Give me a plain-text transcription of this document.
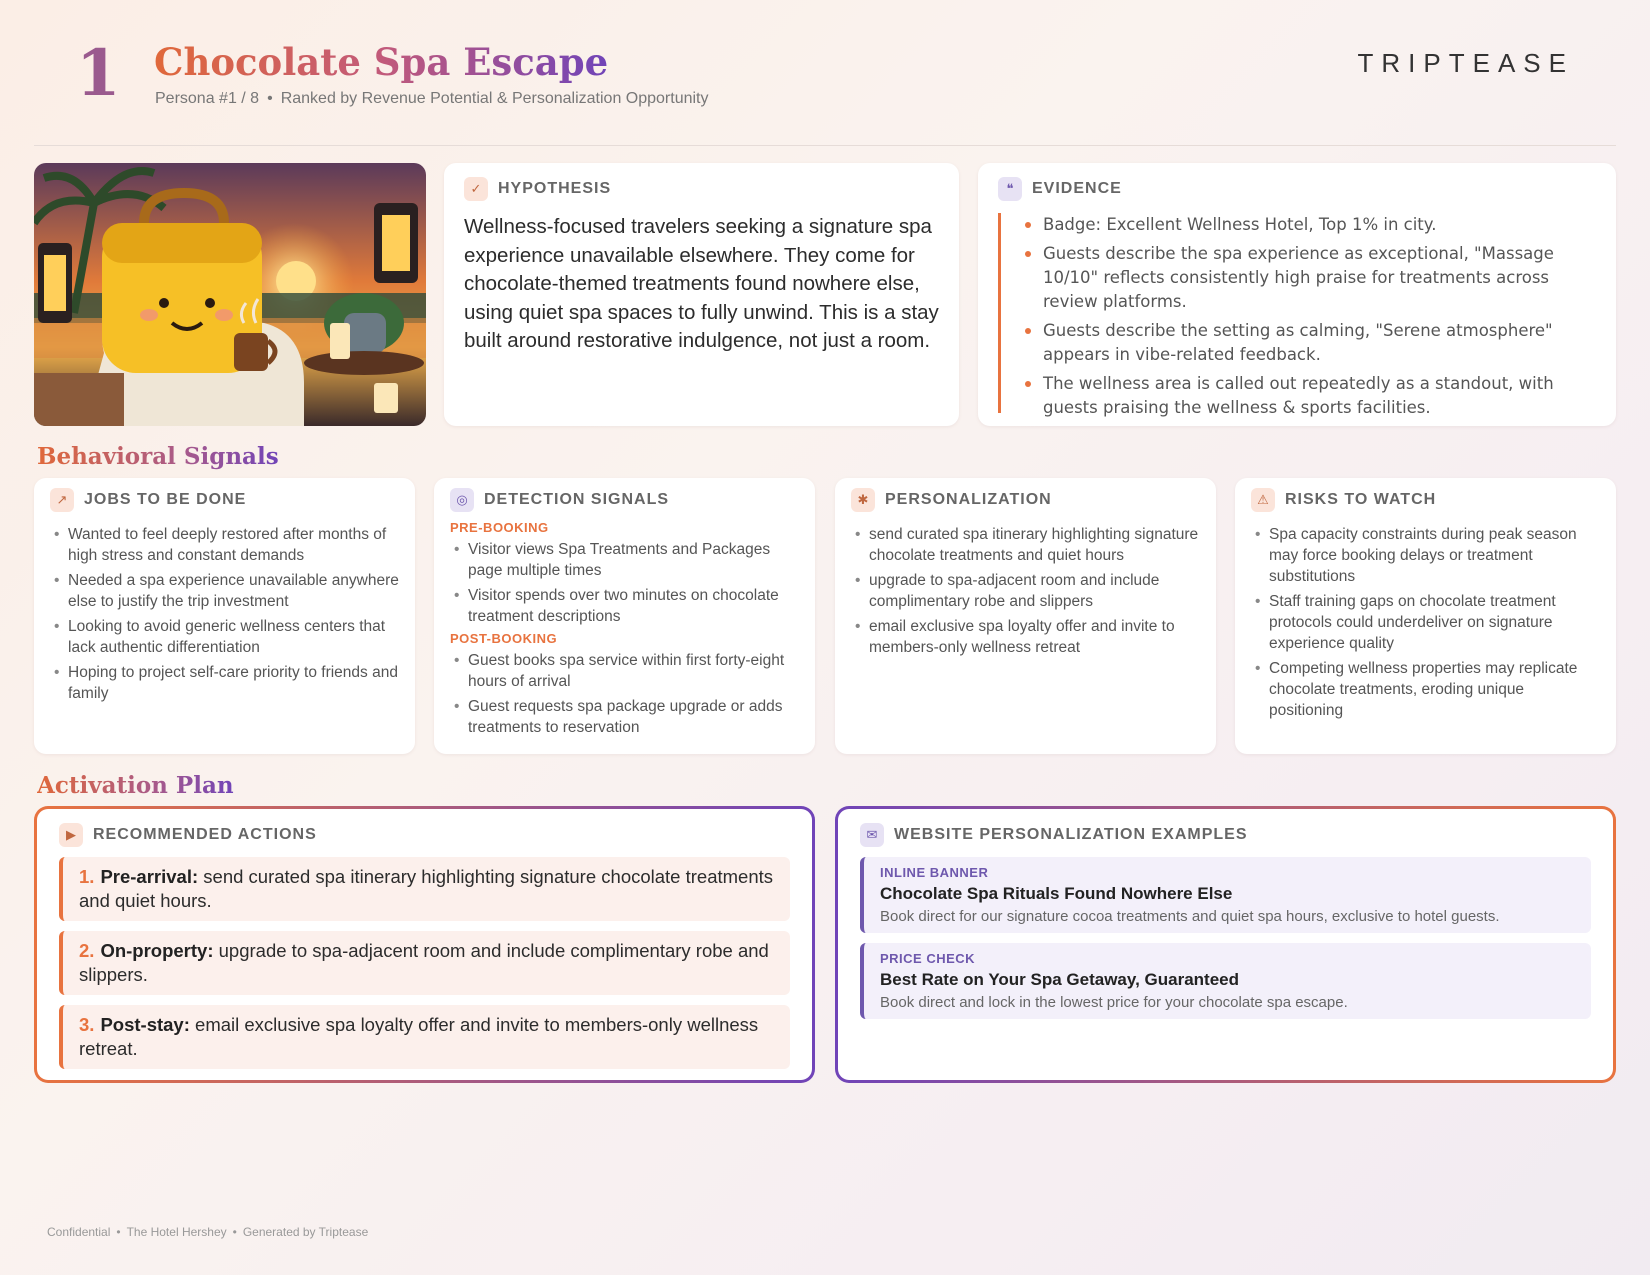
1 Chocolate Spa Escape
Persona #1 / 8 • Ranked by Revenue Potential & Personalization Opportunity
TRIPTEASE
✓	HYPOTHESIS
Wellness-focused travelers seeking a signature spa experience unavailable elsewhere. They come for chocolate-themed treatments found nowhere else, using quiet spa spaces to fully unwind. This is a stay built around restorative indulgence, not just a room.
❝	EVIDENCE
Badge: Excellent Wellness Hotel, Top 1% in city.
Guests describe the spa experience as exceptional, "Massage 10/10" reflects consistently high praise for treatments across review platforms.
Guests describe the setting as calming, "Serene atmosphere" appears in vibe-related feedback.
The wellness area is called out repeatedly as a standout, with guests praising the wellness & sports facilities.
Behavioral Signals
↗	JOBS TO BE DONE
• Wanted to feel deeply restored after months of high stress and constant demands
• Needed a spa experience unavailable anywhere else to justify the trip investment
• Looking to avoid generic wellness centers that lack authentic differentiation
• Hoping to project self-care priority to friends and family
◎	DETECTION SIGNALS
PRE-BOOKING
• Visitor views Spa Treatments and Packages page multiple times
• Visitor spends over two minutes on chocolate treatment descriptions
POST-BOOKING
• Guest books spa service within first forty-eight hours of arrival
• Guest requests spa package upgrade or adds treatments to reservation
✱	PERSONALIZATION
• send curated spa itinerary highlighting signature chocolate treatments and quiet hours
• upgrade to spa-adjacent room and include complimentary robe and slippers
• email exclusive spa loyalty offer and invite to members-only wellness retreat
⚠	RISKS TO WATCH
• Spa capacity constraints during peak season may force booking delays or treatment substitutions
• Staff training gaps on chocolate treatment protocols could underdeliver on signature experience quality
• Competing wellness properties may replicate chocolate treatments, eroding unique positioning
Activation Plan
▶	RECOMMENDED ACTIONS
1. Pre-arrival: send curated spa itinerary highlighting signature chocolate treatments and quiet hours.
2. On-property: upgrade to spa-adjacent room and include complimentary robe and slippers.
3. Post-stay: email exclusive spa loyalty offer and invite to members-only wellness retreat.
✉	WEBSITE PERSONALIZATION EXAMPLES
INLINE BANNER
Chocolate Spa Rituals Found Nowhere Else
Book direct for our signature cocoa treatments and quiet spa hours, exclusive to hotel guests.
PRICE CHECK
Best Rate on Your Spa Getaway, Guaranteed
Book direct and lock in the lowest price for your chocolate spa escape.
Confidential • The Hotel Hershey • Generated by Triptease
